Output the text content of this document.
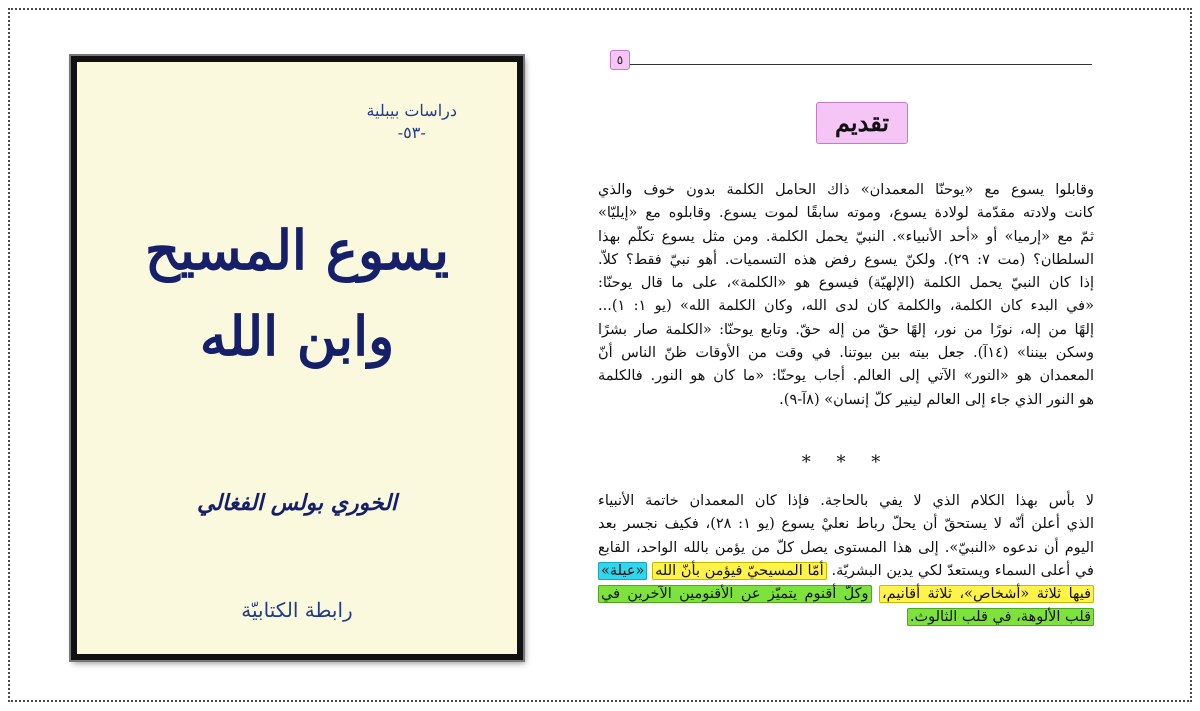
دراسات بيبلية
-٥٣-
يسوع المسيح
وابن الله
الخوري بولس الفغالي
رابطة الكتابيّة
٥
تقديم
وقابلوا يسوع مع «يوحنّا المعمدان» ذاك الحامل الكلمة بدون خوف والذي
كانت ولادته مقدّمة لولادة يسوع، وموته سابقًا لموت يسوع. وقابلوه مع «إيليّا»
ثمّ مع «إرميا» أو «أحد الأنبياء». النبيّ يحمل الكلمة. ومن مثل يسوع تكلّم بهذا
السلطان؟ (مت ٧: ٢٩). ولكنّ يسوع رفض هذه التسميات. أهو نبيّ فقط؟ كلاّ.
إذا كان النبيّ يحمل الكلمة (الإلهيّة) فيسوع هو «الكلمة»، على ما قال يوحنّا:
«في البدء كان الكلمة، والكلمة كان لدى الله، وكان الكلمة الله» (يو ١: ١)...
إلهًا من إله، نورًا من نور، إلهًا حقّ من إله حقّ. وتابع يوحنّا: «الكلمة صار بشرًا
وسكن بيننا» (١٤آ). جعل بيته بين بيوتنا. في وقت من الأوقات ظنّ الناس أنّ
المعمدان هو «النور» الآتي إلى العالم. أجاب يوحنّا: «ما كان هو النور. فالكلمة
هو النور الذي جاء إلى العالم لينير كلّ إنسان» (٨آ-٩).
* * *
لا بأس بهذا الكلام الذي لا يفي بالحاجة. فإذا كان المعمدان خاتمة الأنبياء
الذي أعلن أنّه لا يستحقّ أن يحلّ رباط نعليْ يسوع (يو ١: ٢٨)، فكيف نجسر بعد
اليوم أن ندعوه «النبيّ». إلى هذا المستوى يصل كلّ من يؤمن بالله الواحد، القابع
في أعلى السماء ويستعدّ لكي يدين البشريّة. أمّا المسيحيّ فيؤمن بأنّ الله «عيلة»
فيها ثلاثة «أشخاص»، ثلاثة أقانيم، وكلّ أقنوم يتميّز عن الأقنومين الآخرين في
قلب الألوهة، في قلب الثالوث.
